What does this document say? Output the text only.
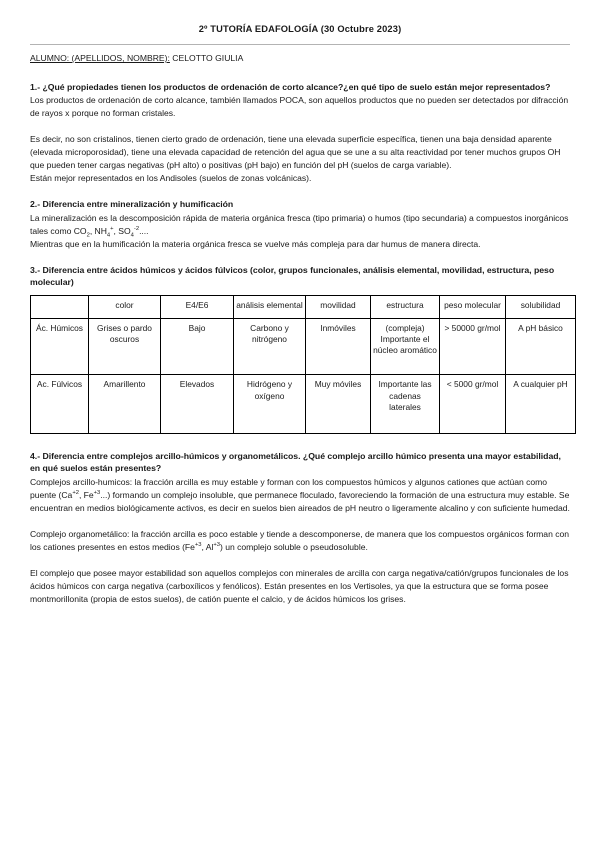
2º TUTORÍA EDAFOLOGÍA (30 Octubre 2023)
ALUMNO: (APELLIDOS, NOMBRE): CELOTTO GIULIA
1.- ¿Qué propiedades tienen los productos de ordenación de corto alcance?¿en qué tipo de suelo están mejor representados?
Los productos de ordenación de corto alcance, también llamados POCA, son aquellos productos que no pueden ser detectados por difracción de rayos x porque no forman cristales.
Es decir, no son cristalinos, tienen cierto grado de ordenación, tiene una elevada superficie específica, tienen una baja densidad aparente (elevada microporosidad), tiene una elevada capacidad de retención del agua que se une a su alta reactividad por tener muchos grupos OH que pueden tener cargas negativas (pH alto) o positivas (pH bajo) en función del pH (suelos de carga variable).
Están mejor representados en los Andisoles (suelos de zonas volcánicas).
2.- Diferencia entre mineralización y humificación
La mineralización es la descomposición rápida de materia orgánica fresca (tipo primaria) o humos (tipo secundaria) a compuestos inorgánicos tales como $CO_2$, $NH_4^+$, $SO_4^{-2}$....
Mientras que en la humificación la materia orgánica fresca se vuelve más compleja para dar humus de manera directa.
3.- Diferencia entre ácidos húmicos y ácidos fúlvicos (color, grupos funcionales, análisis elemental, movilidad, estructura, peso molecular)
	color	E4/E6	análisis elemental	movilidad	estructura	peso molecular	solubilidad
Ác. Húmicos	Grises o pardo oscuros	Bajo	Carbono y nitrógeno	Inmóviles	(compleja) Importante el núcleo aromático	> 50000 gr/mol	A pH básico
Ac. Fúlvicos	Amarillento	Elevados	Hidrógeno y oxígeno	Muy móviles	Importante las cadenas laterales	< 5000 gr/mol	A cualquier pH
4.- Diferencia entre complejos arcillo-húmicos y organometálicos. ¿Qué complejo arcillo húmico presenta una mayor estabilidad, en qué suelos están presentes?
Complejos arcillo-humicos: la fracción arcilla es muy estable y forman con los compuestos húmicos y algunos cationes que actúan como puente ($Ca^{+2}$, $Fe^{+3}$...) formando un complejo insoluble, que permanece floculado, favoreciendo la formación de una estructura muy estable. Se encuentran en medios biológicamente activos, es decir en suelos bien aireados de pH neutro o ligeramente alcalino y con suficiente humedad.
Complejo organometálico: la fracción arcilla es poco estable y tiende a descomponerse, de manera que los compuestos orgánicos forman con los cationes presentes en estos medios ($Fe^{+3}$, $Al^{+3}$) un complejo soluble o pseudosoluble.
El complejo que posee mayor estabilidad son aquellos complejos con minerales de arcilla con carga negativa/catión/grupos funcionales de los ácidos húmicos con carga negativa (carboxílicos y fenólicos). Están presentes en los Vertisoles, ya que la estructura que se forma posee montmorillonita (propia de estos suelos), de catión puente el calcio, y de ácidos húmicos los grises.
